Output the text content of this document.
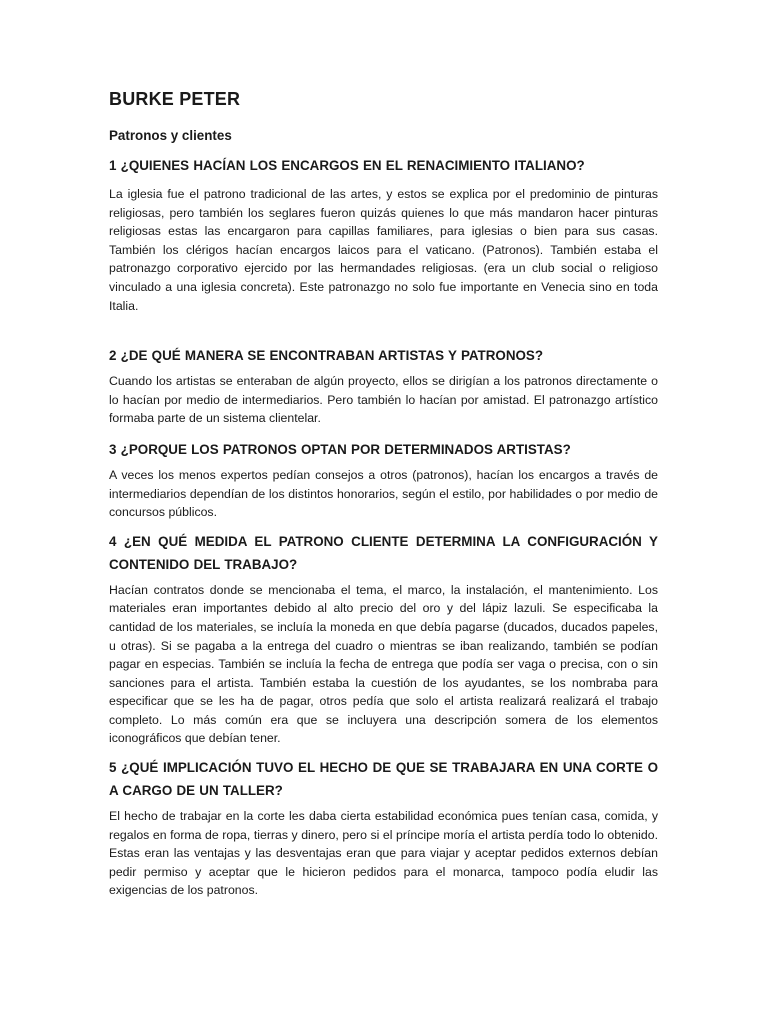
BURKE PETER
Patronos y clientes
1 ¿QUIENES HACÍAN LOS ENCARGOS EN EL RENACIMIENTO ITALIANO?

La iglesia fue el patrono tradicional de las artes, y estos se explica por el predominio de pinturas religiosas, pero también los seglares fueron quizás quienes lo que más mandaron hacer pinturas religiosas estas las encargaron para capillas familiares, para iglesias o bien para sus casas. También los clérigos hacían encargos laicos para el vaticano. (Patronos). También estaba el patronazgo corporativo ejercido por las hermandades religiosas. (era un club social o religioso vinculado a una iglesia concreta). Este patronazgo no solo fue importante en Venecia sino en toda Italia.

2 ¿DE QUÉ MANERA SE ENCONTRABAN ARTISTAS Y PATRONOS?

Cuando los artistas se enteraban de algún proyecto, ellos se dirigían a los patronos directamente o lo hacían por medio de intermediarios. Pero también lo hacían por amistad. El patronazgo artístico formaba parte de un sistema clientelar.

3 ¿PORQUE LOS PATRONOS OPTAN POR DETERMINADOS ARTISTAS?

A veces los menos expertos pedían consejos a otros (patronos), hacían los encargos a través de intermediarios dependían de los distintos honorarios, según el estilo, por habilidades o por medio de concursos públicos.

4 ¿EN QUÉ MEDIDA EL PATRONO CLIENTE DETERMINA LA CONFIGURACIÓN Y CONTENIDO DEL TRABAJO?

Hacían contratos donde se mencionaba el tema, el marco, la instalación, el mantenimiento. Los materiales eran importantes debido al alto precio del oro y del lápiz lazuli. Se especificaba la cantidad de los materiales, se incluía la moneda en que debía pagarse (ducados, ducados papeles, u otras). Si se pagaba a la entrega del cuadro o mientras se iban realizando, también se podían pagar en especias. También se incluía la fecha de entrega que podía ser vaga o precisa, con o sin sanciones para el artista. También estaba la cuestión de los ayudantes, se los nombraba para especificar que se les ha de pagar, otros pedía que solo el artista realizará realizará el trabajo completo. Lo más común era que se incluyera una descripción somera de los elementos iconográficos que debían tener.

5 ¿QUÉ IMPLICACIÓN TUVO EL HECHO DE QUE SE TRABAJARA EN UNA CORTE O A CARGO DE UN TALLER?

El hecho de trabajar en la corte les daba cierta estabilidad económica pues tenían casa, comida, y regalos en forma de ropa, tierras y dinero, pero si el príncipe moría el artista perdía todo lo obtenido. Estas eran las ventajas y las desventajas eran que para viajar y aceptar pedidos externos debían pedir permiso y aceptar que le hicieron pedidos para el monarca, tampoco podía eludir las exigencias de los patronos.
